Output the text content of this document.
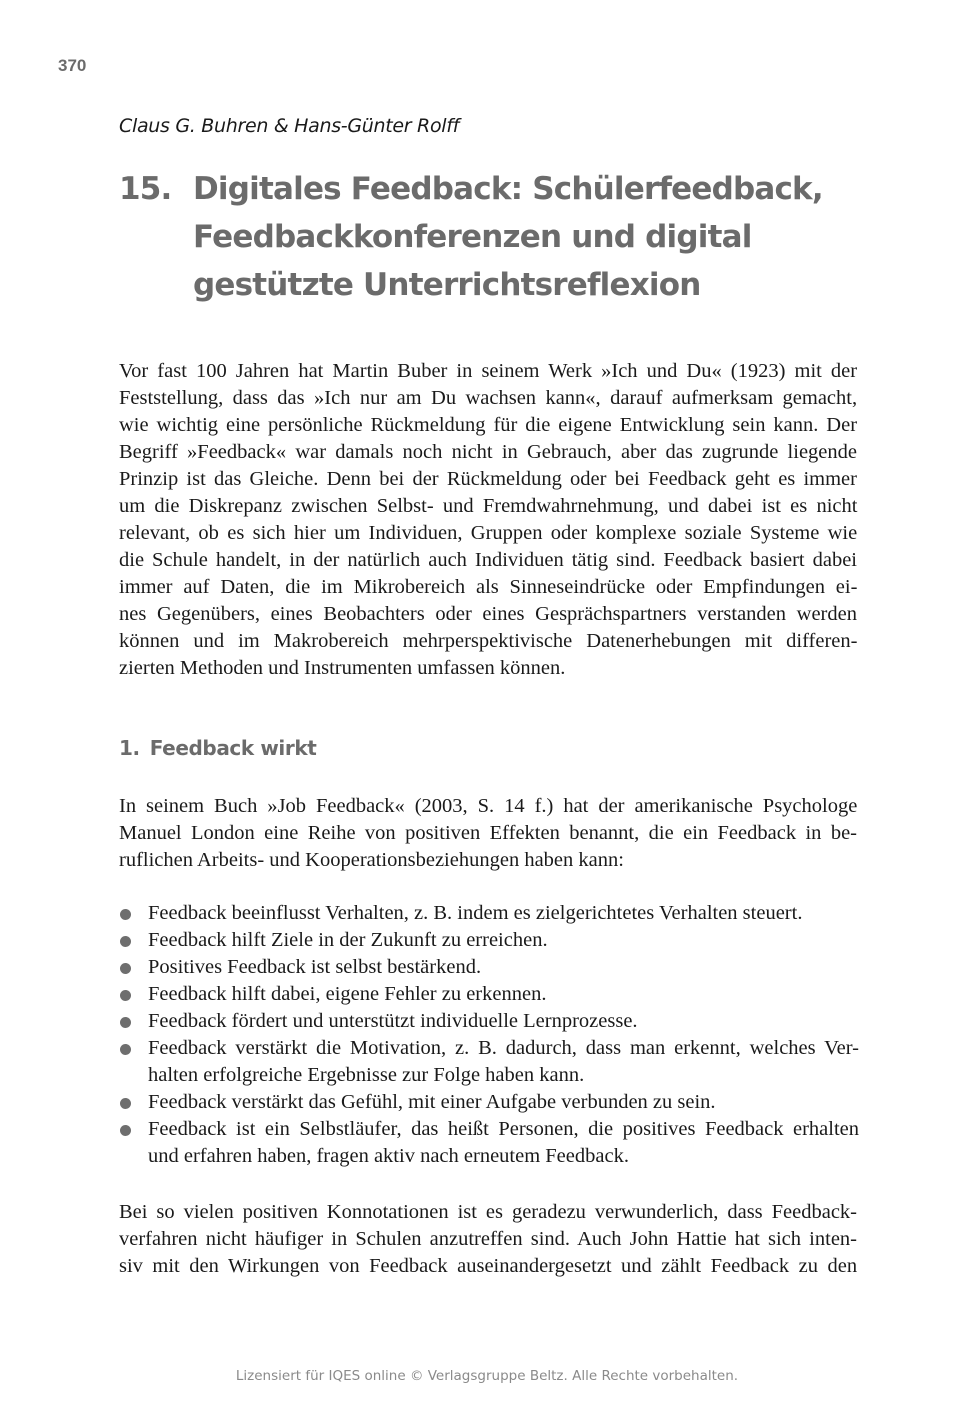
370
Claus G. Buhren & Hans-Günter Rolff
15. Digitales Feedback: Schülerfeedback,
Feedbackkonferenzen und digital
gestützte Unterrichtsreflexion
Vor fast 100 Jahren hat Martin Buber in seinem Werk »Ich und Du« (1923) mit der
Feststellung, dass das »Ich nur am Du wachsen kann«, darauf aufmerksam gemacht,
wie wichtig eine persönliche Rückmeldung für die eigene Entwicklung sein kann. Der
Begriff »Feedback« war damals noch nicht in Gebrauch, aber das zugrunde liegende
Prinzip ist das Gleiche. Denn bei der Rückmeldung oder bei Feedback geht es immer
um die Diskrepanz zwischen Selbst- und Fremdwahrnehmung, und dabei ist es nicht
relevant, ob es sich hier um Individuen, Gruppen oder komplexe soziale Systeme wie
die Schule handelt, in der natürlich auch Individuen tätig sind. Feedback basiert dabei
immer auf Daten, die im Mikrobereich als Sinneseindrücke oder Empfindungen ei-
nes Gegenübers, eines Beobachters oder eines Gesprächspartners verstanden werden
können und im Makrobereich mehrperspektivische Datenerhebungen mit differen-
zierten Methoden und Instrumenten umfassen können.
1. Feedback wirkt
In seinem Buch »Job Feedback« (2003, S. 14 f.) hat der amerikanische Psychologe
Manuel London eine Reihe von positiven Effekten benannt, die ein Feedback in be-
ruflichen Arbeits- und Kooperationsbeziehungen haben kann:
Feedback beeinflusst Verhalten, z. B. indem es zielgerichtetes Verhalten steuert.
Feedback hilft Ziele in der Zukunft zu erreichen.
Positives Feedback ist selbst bestärkend.
Feedback hilft dabei, eigene Fehler zu erkennen.
Feedback fördert und unterstützt individuelle Lernprozesse.
Feedback verstärkt die Motivation, z. B. dadurch, dass man erkennt, welches Ver-
halten erfolgreiche Ergebnisse zur Folge haben kann.
Feedback verstärkt das Gefühl, mit einer Aufgabe verbunden zu sein.
Feedback ist ein Selbstläufer, das heißt Personen, die positives Feedback erhalten
und erfahren haben, fragen aktiv nach erneutem Feedback.
Bei so vielen positiven Konnotationen ist es geradezu verwunderlich, dass Feedback-
verfahren nicht häufiger in Schulen anzutreffen sind. Auch John Hattie hat sich inten-
siv mit den Wirkungen von Feedback auseinandergesetzt und zählt Feedback zu den
Lizensiert für IQES online © Verlagsgruppe Beltz. Alle Rechte vorbehalten.
